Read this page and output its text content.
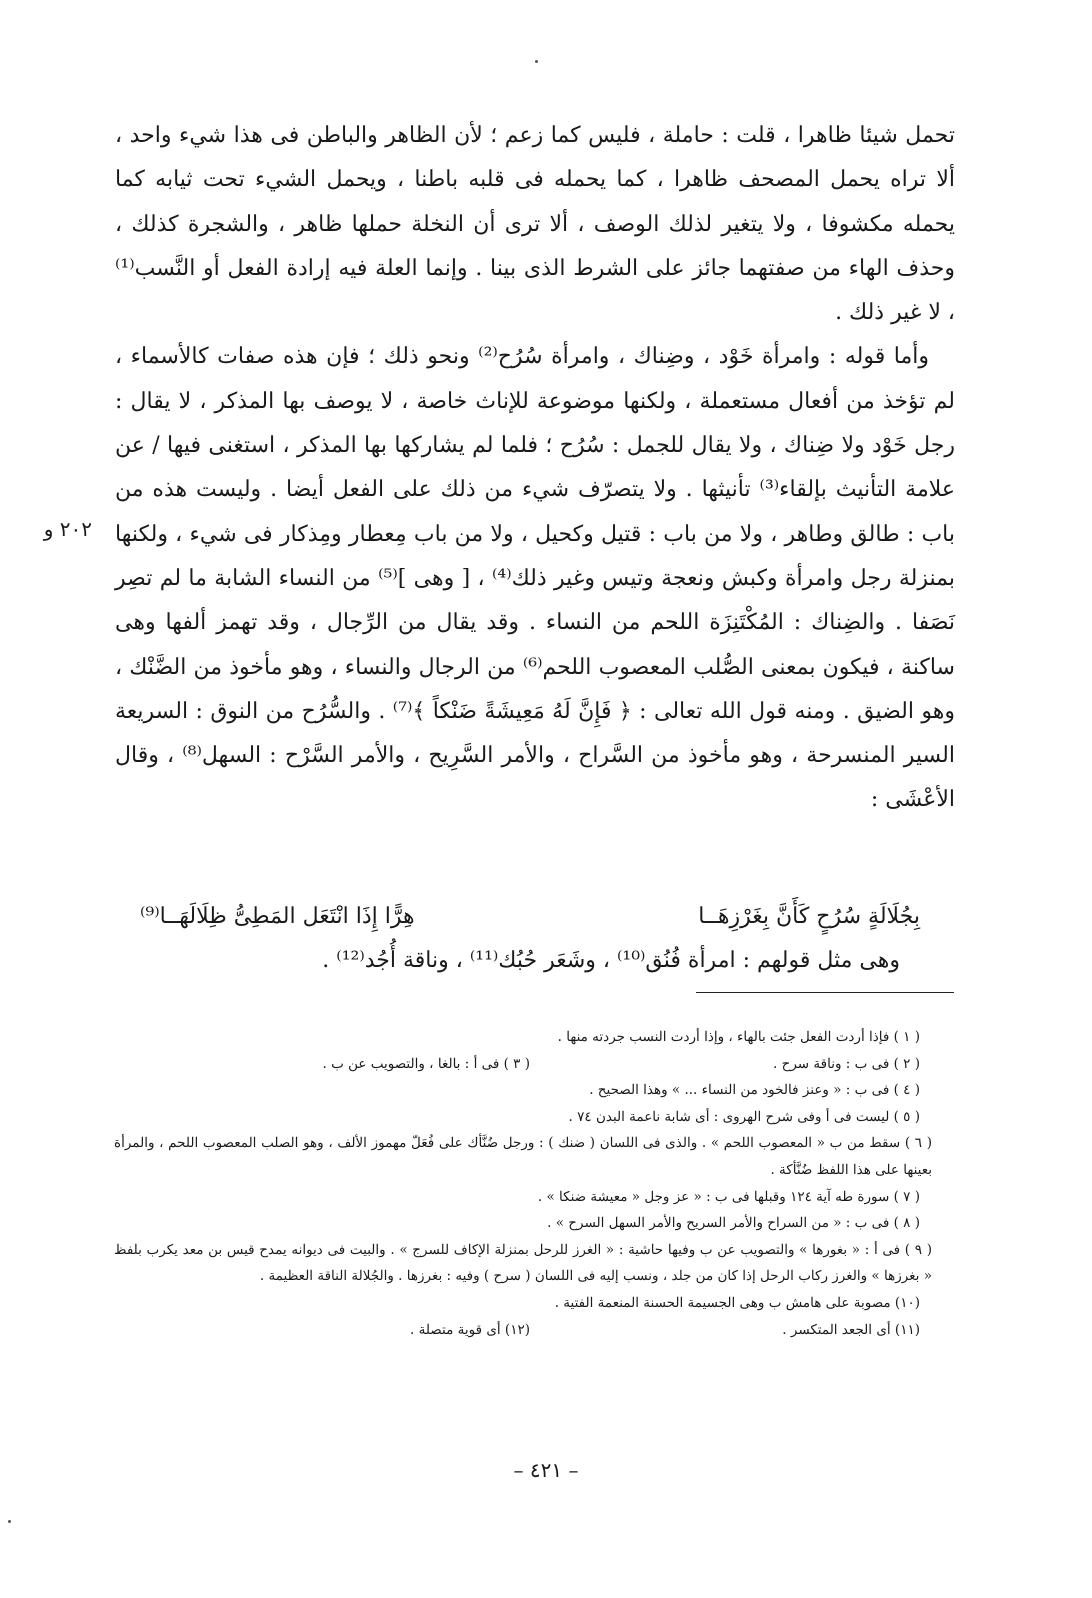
تحمل شيئا ظاهرا ، قلت : حاملة ، فليس كما زعم ؛ لأن الظاهر والباطن فى هذا شيء واحد ، ألا تراه يحمل المصحف ظاهرا ، كما يحمله فى قلبه باطنا ، ويحمل الشيء تحت ثيابه كما يحمله مكشوفا ، ولا يتغير لذلك الوصف ، ألا ترى أن النخلة حملها ظاهر ، والشجرة كذلك ، وحذف الهاء من صفتهما جائز على الشرط الذى بينا . وإنما العلة فيه إرادة الفعل أو النَّسب⁽¹⁾ ، لا غير ذلك .

وأما قوله : وامرأة خَوْد ، وضِناك ، وامرأة سُرُح⁽²⁾ ونحو ذلك ؛ فإن هذه صفات كالأسماء ، لم تؤخذ من أفعال مستعملة ، ولكنها موضوعة للإناث خاصة ، لا يوصف بها المذكر ، لا يقال : رجل خَوْد ولا ضِناك ، ولا يقال للجمل : سُرُح ؛ فلما لم يشاركها بها المذكر ، استغنى فيها / عن علامة التأنيث بإلقاء⁽³⁾ تأنيثها . ولا يتصرّف شيء من ذلك على الفعل أيضا . وليست هذه من باب : طالق وطاهر ، ولا من باب : قتيل وكحيل ، ولا من باب مِعطار ومِذكار فى شيء ، ولكنها بمنزلة رجل وامرأة وكبش ونعجة وتيس وغير ذلك⁽⁴⁾ ، [ وهى ]⁽⁵⁾ من النساء الشابة ما لم تصِر نَصَفا . والضِناك : المُكْتَنِزَة اللحم من النساء . وقد يقال من الرِّجال ، وقد تهمز ألفها وهى ساكنة ، فيكون بمعنى الصُّلب المعصوب اللحم⁽⁶⁾ من الرجال والنساء ، وهو مأخوذ من الضَّنْك ، وهو الضيق . ومنه قول الله تعالى : ﴿ فَإِنَّ لَهُ مَعِيشَةً ضَنْكاً ﴾⁽⁷⁾ . والسُّرُح من النوق : السريعة السير المنسرحة ، وهو مأخوذ من السَّراح ، والأمر السَّرِيح ، والأمر السَّرْح : السهل⁽⁸⁾ ، وقال الأعْشَى :

٢٠٢ و
بِجُلَالَةٍ سُرُحٍ كَأَنَّ بِغَرْزِهَــا
هِرًّا إِذَا انْتَعَل المَطِىُّ ظِلَالَهَــا⁽⁹⁾
وهى مثل قولهم : امرأة فُنُق⁽¹⁰⁾ ، وشَعَر حُبُك⁽¹¹⁾ ، وناقة أُجُد⁽¹²⁾ .

( ١ ) فإذا أردت الفعل جئت بالهاء ، وإذا أردت النسب جردته منها .

( ٢ ) فى ب : وناقة سرح .
( ٣ ) فى أ : بالغا ، والتصويب عن ب .

( ٤ ) فى ب : « وعنز فالخود من النساء ... » وهذا الصحيح .

( ٥ ) ليست فى أ وفى شرح الهروى : أى شابة ناعمة البدن ٧٤ .

( ٦ ) سقط من ب « المعصوب اللحم » . والذى فى اللسان ( ضنك ) : ورجل ضُنَّأك على فُعَلّ مهموز الألف ، وهو الصلب المعصوب اللحم ، والمرأة بعينها على هذا اللفظ ضُنَّأكة .

( ٧ ) سورة طه آية ١٢٤ وقبلها فى ب : « عز وجل « معيشة ضنكا » .

( ٨ ) فى ب : « من السراح والأمر السريح والأمر السهل السرح » .

( ٩ ) فى أ : « بغورها » والتصويب عن ب وفيها حاشية : « الغرز للرحل بمنزلة الإكاف للسرج » . والبيت فى ديوانه يمدح قيس بن معد يكرب بلفظ « بغرزها » والغرز ركاب الرحل إذا كان من جلد ، ونسب إليه فى اللسان ( سرح ) وفيه : بغرزها . والجُلالة الناقة العظيمة .

(١٠) مصوبة على هامش ب وهى الجسيمة الحسنة المنعمة الفتية .

(١١) أى الجعد المتكسر .
(١٢) أى قوية متصلة .
– ٤٢١ –
